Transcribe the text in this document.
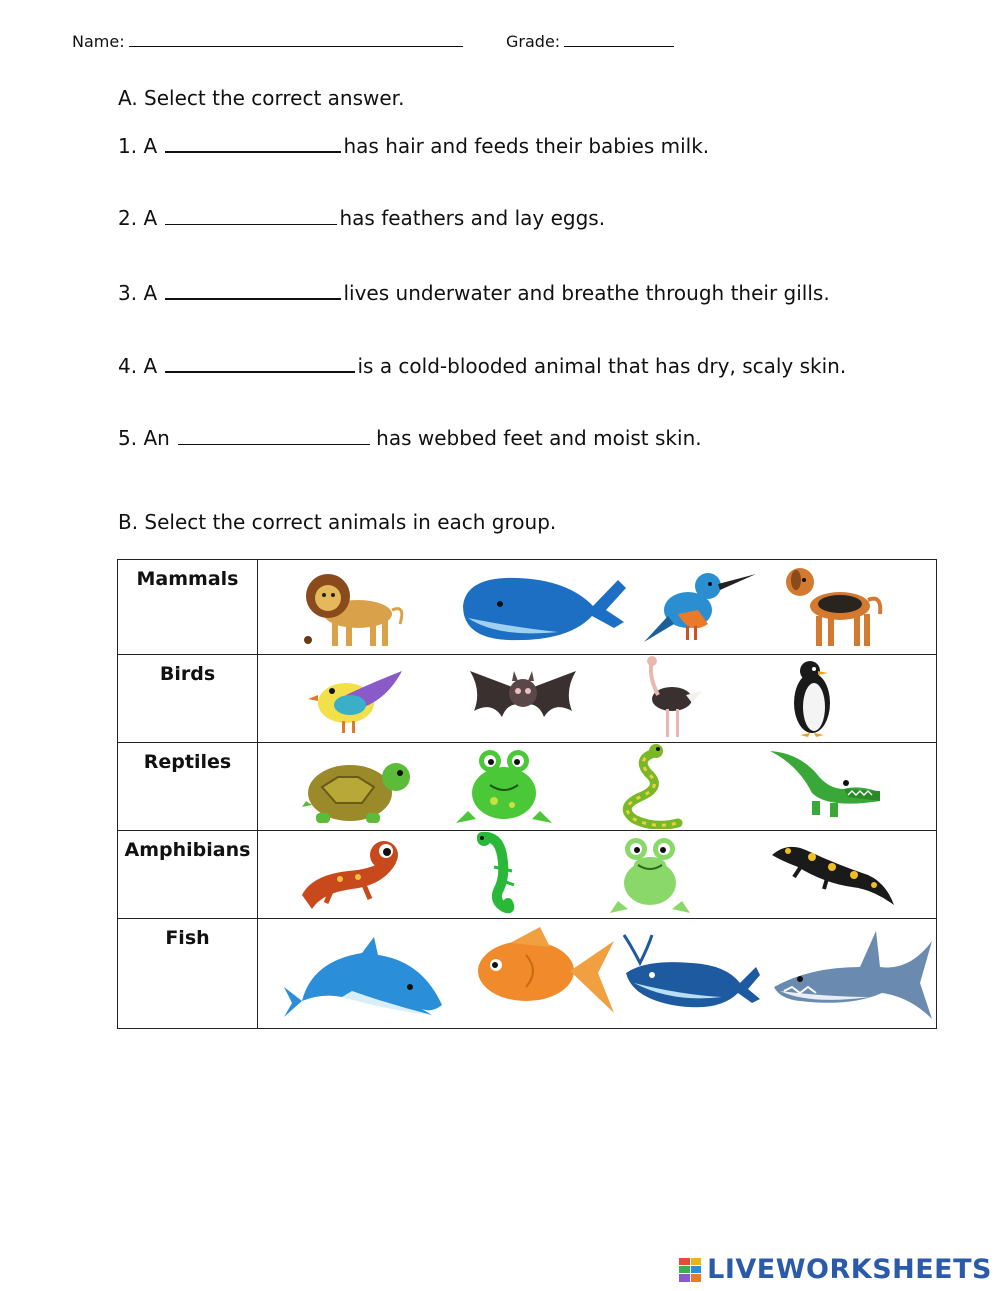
Name:	Grade:
A. Select the correct answer.
1. A	has hair and feeds their babies milk.
2. A	has feathers and lay eggs.
3. A	lives underwater and breathe through their gills.
4. A	is a cold-blooded animal that has dry, scaly skin.
5. An	has webbed feet and moist skin.
B. Select the correct animals in each group.
Mammals	

Birds	

Reptiles	

Amphibians	

Fish	
LIVEWORKSHEETS
